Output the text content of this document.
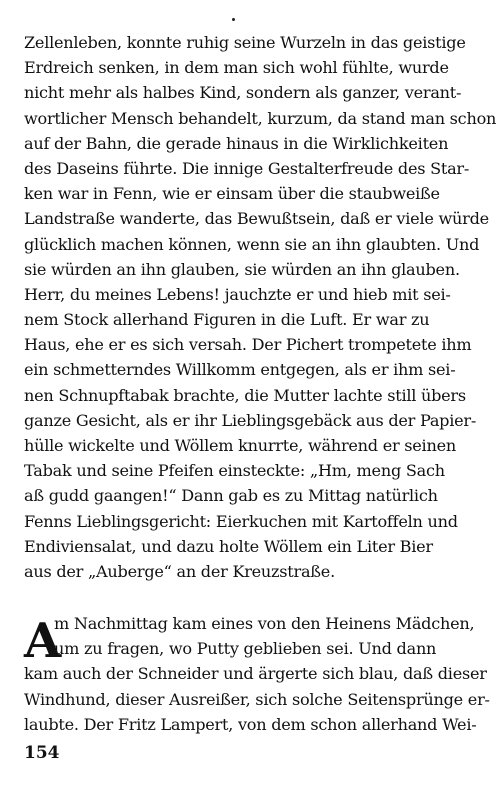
Zellenleben, konnte ruhig seine Wurzeln in das geistige
Erdreich senken, in dem man sich wohl fühlte, wurde
nicht mehr als halbes Kind, sondern als ganzer, verant-
wortlicher Mensch behandelt, kurzum, da stand man schon
auf der Bahn, die gerade hinaus in die Wirklichkeiten
des Daseins führte. Die innige Gestalterfreude des Star-
ken war in Fenn, wie er einsam über die staubweiße
Landstraße wanderte, das Bewußtsein, daß er viele würde
glücklich machen können, wenn sie an ihn glaubten. Und
sie würden an ihn glauben, sie würden an ihn glauben.
Herr, du meines Lebens! jauchzte er und hieb mit sei-
nem Stock allerhand Figuren in die Luft. Er war zu
Haus, ehe er es sich versah. Der Pichert trompetete ihm
ein schmetterndes Willkomm entgegen, als er ihm sei-
nen Schnupftabak brachte, die Mutter lachte still übers
ganze Gesicht, als er ihr Lieblingsgebäck aus der Papier-
hülle wickelte und Wöllem knurrte, während er seinen
Tabak und seine Pfeifen einsteckte: „Hm, meng Sach
aß gudd gaangen!“ Dann gab es zu Mittag natürlich
Fenns Lieblingsgericht: Eierkuchen mit Kartoffeln und
Endiviensalat, und dazu holte Wöllem ein Liter Bier
aus der „Auberge“ an der Kreuzstraße.
A
m Nachmittag kam eines von den Heinens Mädchen,
um zu fragen, wo Putty geblieben sei. Und dann
kam auch der Schneider und ärgerte sich blau, daß dieser
Windhund, dieser Ausreißer, sich solche Seitensprünge er-
laubte. Der Fritz Lampert, von dem schon allerhand Wei-
154
